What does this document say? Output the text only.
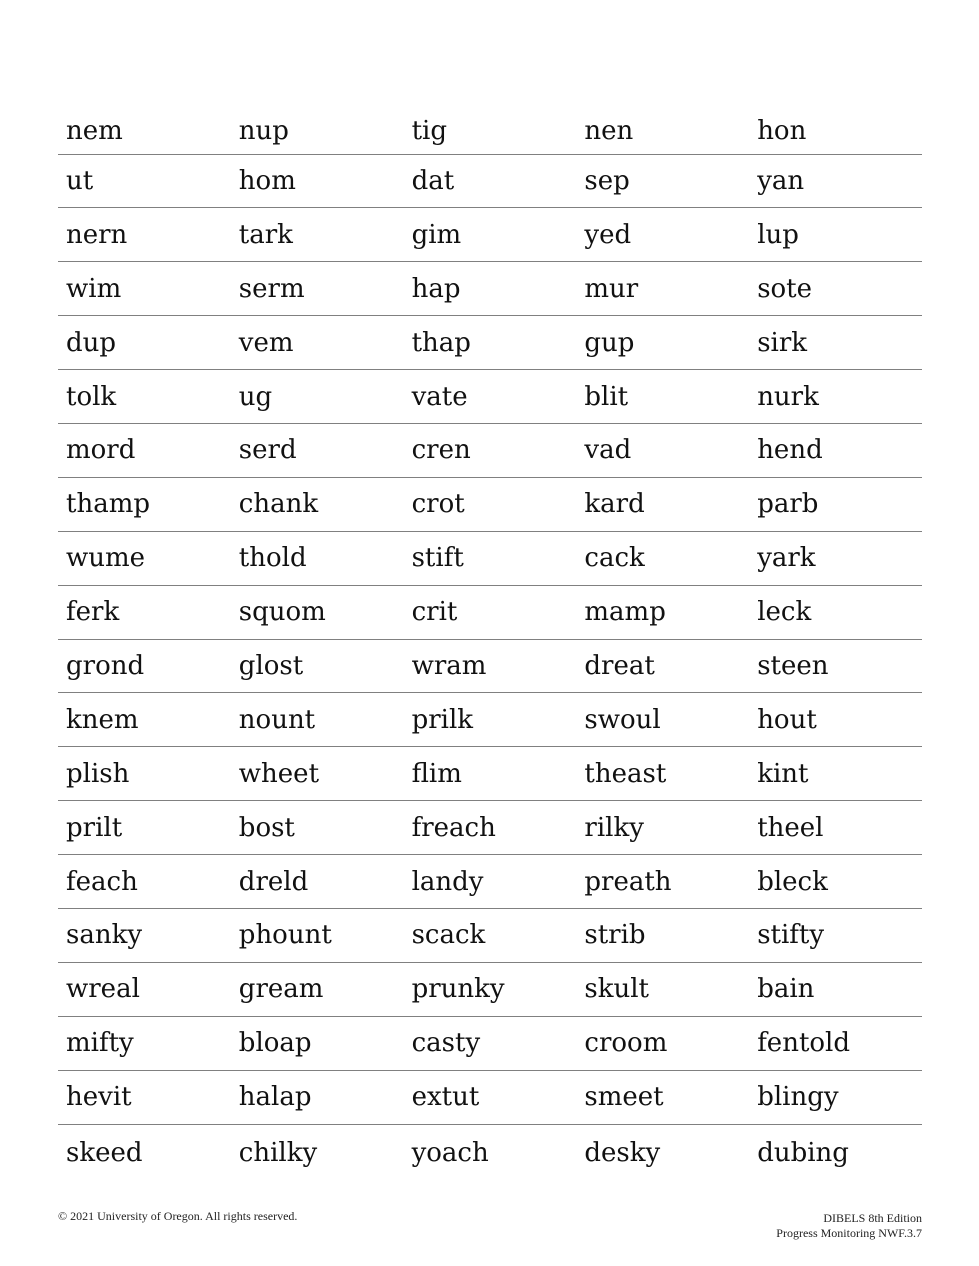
nem	nup	tig	nen	hon
ut	hom	dat	sep	yan
nern	tark	gim	yed	lup
wim	serm	hap	mur	sote
dup	vem	thap	gup	sirk
tolk	ug	vate	blit	nurk
mord	serd	cren	vad	hend
thamp	chank	crot	kard	parb
wume	thold	stift	cack	yark
ferk	squom	crit	mamp	leck
grond	glost	wram	dreat	steen
knem	nount	prilk	swoul	hout
plish	wheet	flim	theast	kint
prilt	bost	freach	rilky	theel
feach	dreld	landy	preath	bleck
sanky	phount	scack	strib	stifty
wreal	gream	prunky	skult	bain
mifty	bloap	casty	croom	fentold
hevit	halap	extut	smeet	blingy
skeed	chilky	yoach	desky	dubing
© 2021 University of Oregon. All rights reserved.	DIBELS 8th Edition
Progress Monitoring NWF.3.7
